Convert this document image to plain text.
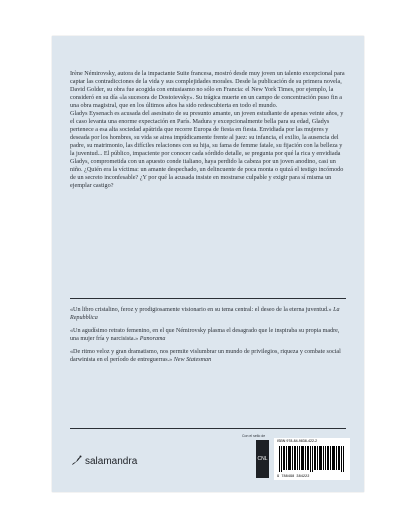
Irène Némirovsky, autora de la impactante Suite francesa, mostró desde muy joven un talento excepcional para captar las contradicciones de la vida y sus complejidades morales. Desde la publicación de su primera novela, David Golder, su obra fue acogida con entusiasmo no sólo en Francia: el New York Times, por ejemplo, la consideró en su día «la sucesora de Dostoievsky». Su trágica muerte en un campo de concentración puso fin a una obra magistral, que en los últimos años ha sido redescubierta en todo el mundo.

Gladys Eysenach es acusada del asesinato de su presunto amante, un joven estudiante de apenas veinte años, y el caso levanta una enorme expectación en París. Madura y excepcionalmente bella para su edad, Gladys pertenece a esa alta sociedad apátrida que recorre Europa de fiesta en fiesta. Envidiada por las mujeres y deseada por los hombres, su vida se airea impúdicamente frente al juez: su infancia, el exilio, la ausencia del padre, su matrimonio, las difíciles relaciones con su hija, su fama de femme fatale, su fijación con la belleza y la juventud... El público, impaciente por conocer cada sórdido detalle, se pregunta por qué la rica y envidiada Gladys, comprometida con un apuesto conde italiano, haya perdido la cabeza por un joven anodino, casi un niño. ¿Quién era la víctima: un amante despechado, un delincuente de poca monta o quizá el testigo incómodo de un secreto inconfesable? ¿Y por qué la acusada insiste en mostrarse culpable y exigir para sí misma un ejemplar castigo?

«Un libro cristalino, feroz y prodigiosamente visionario en su tema central: el deseo de la eterna juventud.» La Repubblica

«Un agudísimo retrato femenino, en el que Némirovsky plasma el desagrado que le inspiraba su propia madre, una mujer fría y narcisista.» Panorama

«De ritmo veloz y gran dramatismo, nos permite vislumbrar un mundo de privilegios, riqueza y combate social darwinista en el período de entreguerras.» New Statesman

salamandra
Con el sello de
CNL
ISBN 978-84-9838-422-2
9 788498 384222
